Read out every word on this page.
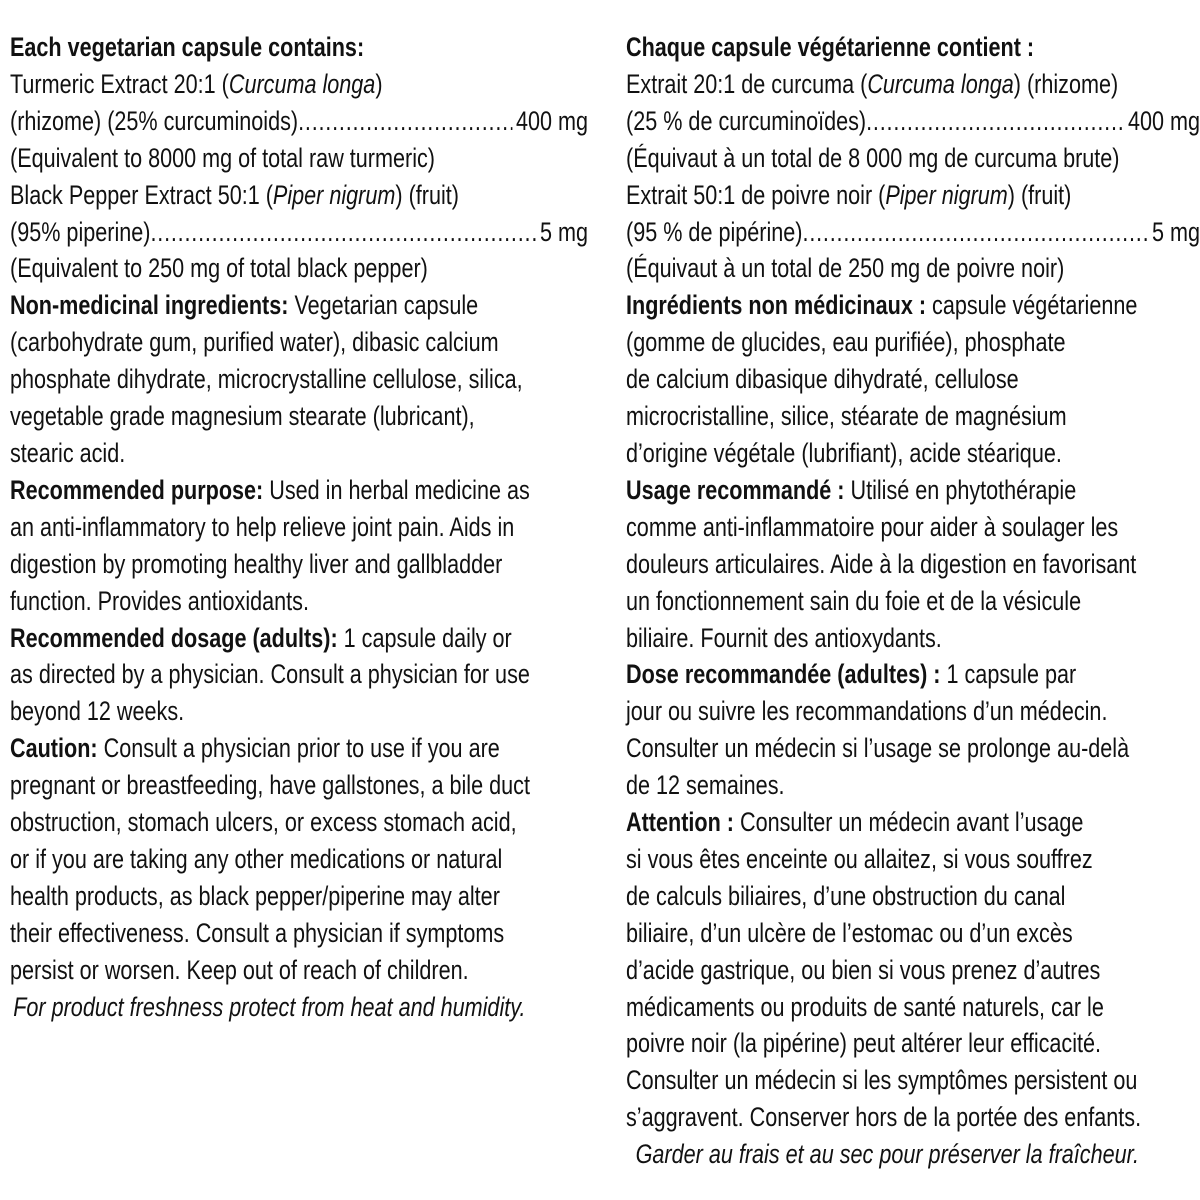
Each vegetarian capsule contains:
Turmeric Extract 20:1 (Curcuma longa)
(rhizome) (25% curcuminoids) .....	400 mg
(Equivalent to 8000 mg of total raw turmeric)
Black Pepper Extract 50:1 (Piper nigrum) (fruit)
(95% piperine) .....	5 mg
(Equivalent to 250 mg of total black pepper)
Non-medicinal ingredients: Vegetarian capsule
(carbohydrate gum, purified water), dibasic calcium
phosphate dihydrate, microcrystalline cellulose, silica,
vegetable grade magnesium stearate (lubricant),
stearic acid.
Recommended purpose: Used in herbal medicine as
an anti-inflammatory to help relieve joint pain. Aids in
digestion by promoting healthy liver and gallbladder
function. Provides antioxidants.
Recommended dosage (adults): 1 capsule daily or
as directed by a physician. Consult a physician for use
beyond 12 weeks.
Caution: Consult a physician prior to use if you are
pregnant or breastfeeding, have gallstones, a bile duct
obstruction, stomach ulcers, or excess stomach acid,
or if you are taking any other medications or natural
health products, as black pepper/piperine may alter
their effectiveness. Consult a physician if symptoms
persist or worsen. Keep out of reach of children.
For product freshness protect from heat and humidity.
Chaque capsule végétarienne contient :
Extrait 20:1 de curcuma (Curcuma longa) (rhizome)
(25 % de curcuminoïdes) .....	400 mg
(Équivaut à un total de 8 000 mg de curcuma brute)
Extrait 50:1 de poivre noir (Piper nigrum) (fruit)
(95 % de pipérine) .....	5 mg
(Équivaut à un total de 250 mg de poivre noir)
Ingrédients non médicinaux : capsule végétarienne
(gomme de glucides, eau purifiée), phosphate
de calcium dibasique dihydraté, cellulose
microcristalline, silice, stéarate de magnésium
d’origine végétale (lubrifiant), acide stéarique.
Usage recommandé : Utilisé en phytothérapie
comme anti-inflammatoire pour aider à soulager les
douleurs articulaires. Aide à la digestion en favorisant
un fonctionnement sain du foie et de la vésicule
biliaire. Fournit des antioxydants.
Dose recommandée (adultes) : 1 capsule par
jour ou suivre les recommandations d’un médecin.
Consulter un médecin si l’usage se prolonge au-delà
de 12 semaines.
Attention : Consulter un médecin avant l’usage
si vous êtes enceinte ou allaitez, si vous souffrez
de calculs biliaires, d’une obstruction du canal
biliaire, d’un ulcère de l’estomac ou d’un excès
d’acide gastrique, ou bien si vous prenez d’autres
médicaments ou produits de santé naturels, car le
poivre noir (la pipérine) peut altérer leur efficacité.
Consulter un médecin si les symptômes persistent ou
s’aggravent. Conserver hors de la portée des enfants.
Garder au frais et au sec pour préserver la fraîcheur.
